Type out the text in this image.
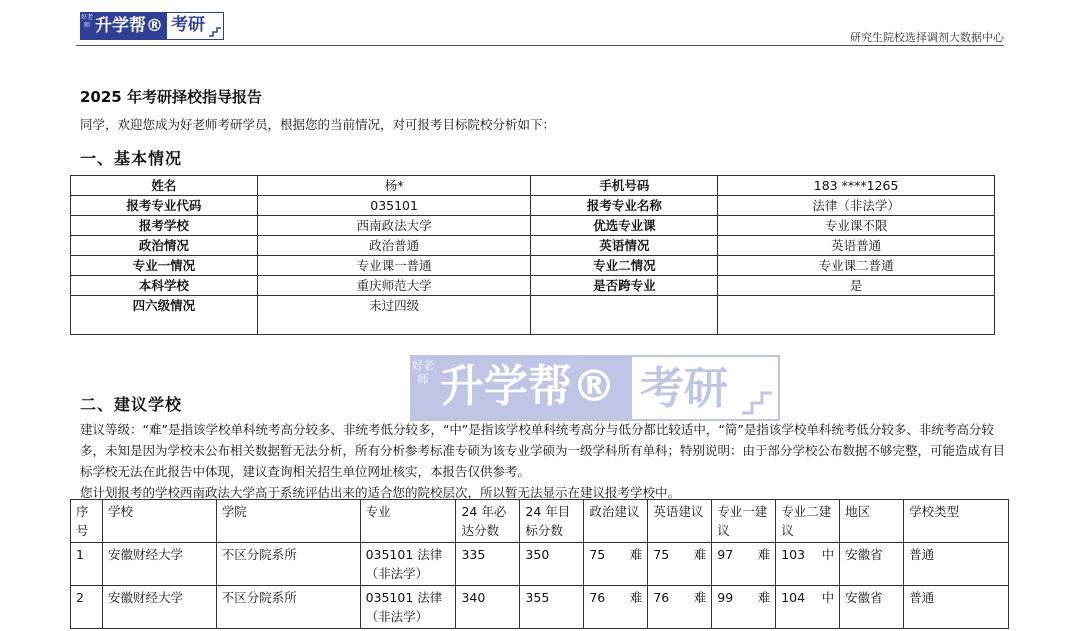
好老师 升学帮® 考研
研究生院校选择调剂大数据中心
2025 年考研择校指导报告
同学，欢迎您成为好老师考研学员，根据您的当前情况，对可报考目标院校分析如下：
一、基本情况
姓名	杨*	手机号码	183 ****1265
报考专业代码	035101	报考专业名称	法律（非法学）
报考学校	西南政法大学	优选专业课	专业课不限
政治情况	政治普通	英语情况	英语普通
专业一情况	专业课一普通	专业二情况	专业课二普通
本科学校	重庆师范大学	是否跨专业	是
四六级情况	未过四级		
好老师 升学帮® 考研
二、建议学校

建议等级：“难”是指该学校单科统考高分较多、非统考低分较多，“中”是指该学校单科统考高分与低分都比较适中，“简”是指该学校单科统考低分较多、非统考高分较多，未知是因为学校未公布相关数据暂无法分析，所有分析参考标准专硕为该专业学硕为一级学科所有单科；特别说明：由于部分学校公布数据不够完整，可能造成有目标学校无法在此报告中体现，建议查询相关招生单位网址核实，本报告仅供参考。

您计划报考的学校西南政法大学高于系统评估出来的适合您的院校层次，所以暂无法显示在建议报考学校中。

序号	学校	学院	专业	24 年必达分数	24 年目标分数	政治建议	英语建议	专业一建议	专业二建议	地区	学校类型
1	安徽财经大学	不区分院系所	035101 法律（非法学）	335	350	75 难	75 难	97 难	103 中	安徽省	普通
2	安徽财经大学	不区分院系所	035101 法律（非法学）	340	355	76 难	76 难	99 难	104 中	安徽省	普通
